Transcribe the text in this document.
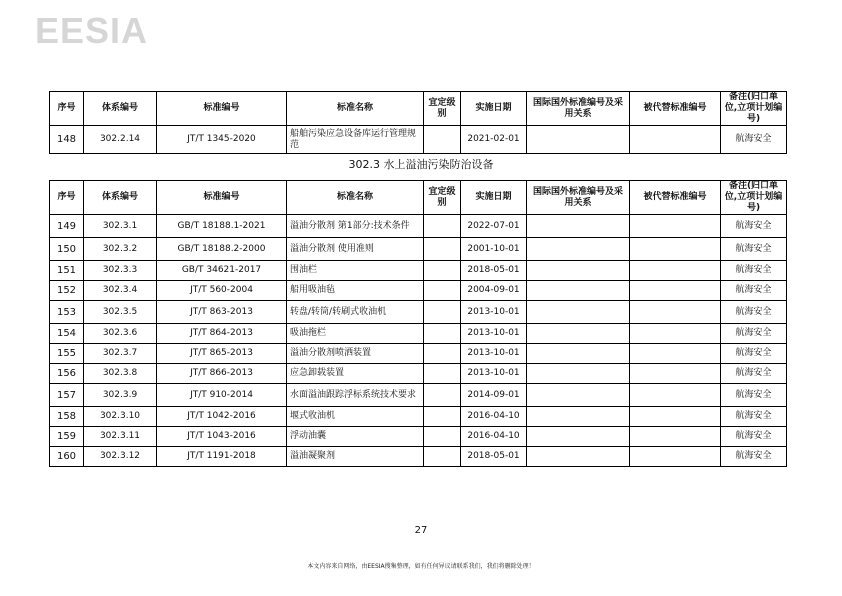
EESIA
序号	体系编号	标准编号	标准名称	宜定级别	实施日期	国际国外标准编号及采用关系	被代替标准编号	备注(归口单位,立项计划编号)
148	302.2.14	JT/T 1345-2020	船舶污染应急设备库运行管理规范		2021-02-01			航海安全
302.3 水上溢油污染防治设备
序号	体系编号	标准编号	标准名称	宜定级别	实施日期	国际国外标准编号及采用关系	被代替标准编号	备注(归口单位,立项计划编号)
149	302.3.1	GB/T 18188.1-2021	溢油分散剂 第1部分:技术条件		2022-07-01			航海安全
150	302.3.2	GB/T 18188.2-2000	溢油分散剂 使用准则		2001-10-01			航海安全
151	302.3.3	GB/T 34621-2017	围油栏		2018-05-01			航海安全
152	302.3.4	JT/T 560-2004	船用吸油毡		2004-09-01			航海安全
153	302.3.5	JT/T 863-2013	转盘/转筒/转刷式收油机		2013-10-01			航海安全
154	302.3.6	JT/T 864-2013	吸油拖栏		2013-10-01			航海安全
155	302.3.7	JT/T 865-2013	溢油分散剂喷洒装置		2013-10-01			航海安全
156	302.3.8	JT/T 866-2013	应急卸载装置		2013-10-01			航海安全
157	302.3.9	JT/T 910-2014	水面溢油跟踪浮标系统技术要求		2014-09-01			航海安全
158	302.3.10	JT/T 1042-2016	堰式收油机		2016-04-10			航海安全
159	302.3.11	JT/T 1043-2016	浮动油囊		2016-04-10			航海安全
160	302.3.12	JT/T 1191-2018	溢油凝聚剂		2018-05-01			航海安全
27
本文内容来自网络，由EESIA搜集整理，如有任何异议请联系我们，我们将删除处理！
